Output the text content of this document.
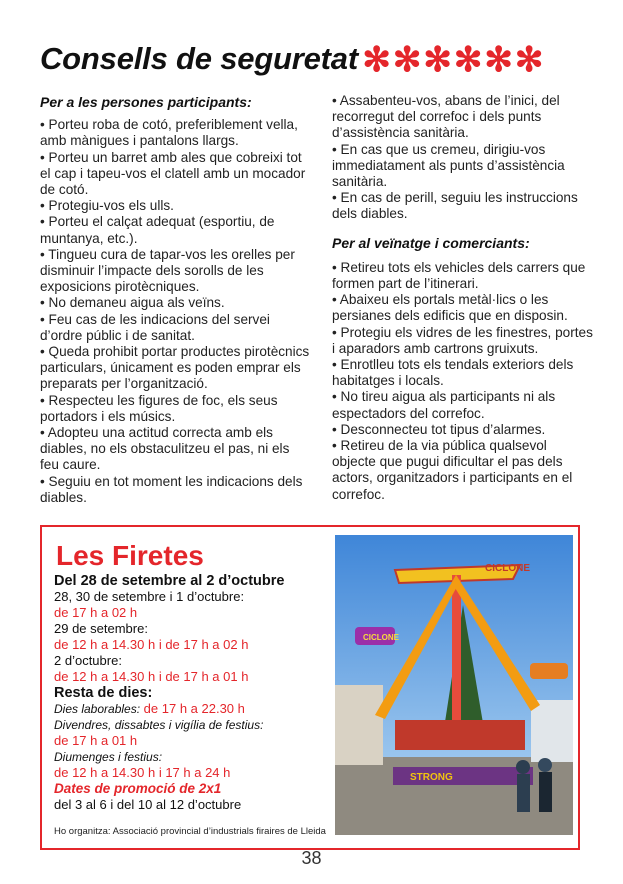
Consells de seguretat ✻✻✻✻✻✻

Per a les persones participants:

• Porteu roba de cotó, preferiblement vella, amb mànigues i pantalons llargs.

• Porteu un barret amb ales que cobreixi tot el cap i tapeu-vos el clatell amb un mocador de cotó.

• Protegiu-vos els ulls.

• Porteu el calçat adequat (esportiu, de muntanya, etc.).

• Tingueu cura de tapar-vos les orelles per disminuir l’impacte dels sorolls de les exposicions pirotècniques.

• No demaneu aigua als veïns.

• Feu cas de les indicacions del servei d’ordre públic i de sanitat.

• Queda prohibit portar productes pirotècnics particulars, únicament es poden emprar els preparats per l’organització.

• Respecteu les figures de foc, els seus portadors i els músics.

• Adopteu una actitud correcta amb els diables, no els obstaculitzeu el pas, ni els feu caure.

• Seguiu en tot moment les indicacions dels diables.

• Assabenteu-vos, abans de l’inici, del recorregut del correfoc i dels punts d’assistència sanitària.

• En cas que us cremeu, dirigiu-vos immediatament als punts d’assistència sanitària.

• En cas de perill, seguiu les instruccions dels diables.

Per al veïnatge i comerciants:

• Retireu tots els vehicles dels carrers que formen part de l’itinerari.

• Abaixeu els portals metàl·lics o les persianes dels edificis que en disposin.

• Protegiu els vidres de les finestres, portes i aparadors amb cartrons gruixuts.

• Enrotlleu tots els tendals exteriors dels habitatges i locals.

• No tireu aigua als participants ni als espectadors del correfoc.

• Desconnecteu tot tipus d’alarmes.

• Retireu de la via pública qualsevol objecte que pugui dificultar el pas dels actors, organitzadors i participants en el correfoc.

Les Firetes
Del 28 de setembre al 2 d’octubre
28, 30 de setembre i 1 d’octubre:
de 17 h a 02 h
29 de setembre:
de 12 h a 14.30 h i de 17 h a 02 h
2 d’octubre:
de 12 h a 14.30 h i de 17 h a 01 h
Resta de dies:
Dies laborables: de 17 h a 22.30 h
Divendres, dissabtes i vigília de festius:
de 17 h a 01 h
Diumenges i festius:
de 12 h a 14.30 h i 17 h a 24 h
Dates de promoció de 2x1
del 3 al 6 i del 10 al 12 d’octubre
Ho organitza: Associació provincial d’industrials firaires de Lleida
CICLONE
CICLONE
STRONG
38
